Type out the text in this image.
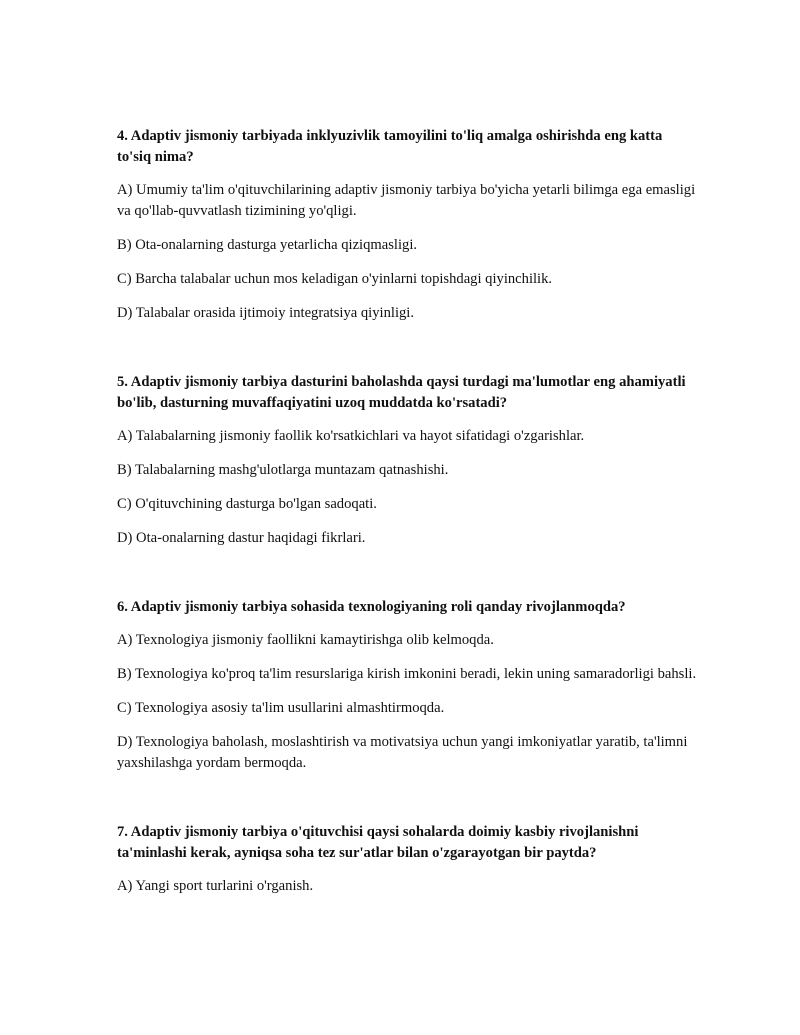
4. Adaptiv jismoniy tarbiyada inklyuzivlik tamoyilini to'liq amalga oshirishda eng katta to'siq nima?

A) Umumiy ta'lim o'qituvchilarining adaptiv jismoniy tarbiya bo'yicha yetarli bilimga ega emasligi va qo'llab-quvvatlash tizimining yo'qligi.

B) Ota-onalarning dasturga yetarlicha qiziqmasligi.

C) Barcha talabalar uchun mos keladigan o'yinlarni topishdagi qiyinchilik.

D) Talabalar orasida ijtimoiy integratsiya qiyinligi.

5. Adaptiv jismoniy tarbiya dasturini baholashda qaysi turdagi ma'lumotlar eng ahamiyatli bo'lib, dasturning muvaffaqiyatini uzoq muddatda ko'rsatadi?

A) Talabalarning jismoniy faollik ko'rsatkichlari va hayot sifatidagi o'zgarishlar.

B) Talabalarning mashg'ulotlarga muntazam qatnashishi.

C) O'qituvchining dasturga bo'lgan sadoqati.

D) Ota-onalarning dastur haqidagi fikrlari.

6. Adaptiv jismoniy tarbiya sohasida texnologiyaning roli qanday rivojlanmoqda?

A) Texnologiya jismoniy faollikni kamaytirishga olib kelmoqda.

B) Texnologiya ko'proq ta'lim resurslariga kirish imkonini beradi, lekin uning samaradorligi bahsli.

C) Texnologiya asosiy ta'lim usullarini almashtirmoqda.

D) Texnologiya baholash, moslashtirish va motivatsiya uchun yangi imkoniyatlar yaratib, ta'limni yaxshilashga yordam bermoqda.

7. Adaptiv jismoniy tarbiya o'qituvchisi qaysi sohalarda doimiy kasbiy rivojlanishni ta'minlashi kerak, ayniqsa soha tez sur'atlar bilan o'zgarayotgan bir paytda?

A) Yangi sport turlarini o'rganish.
